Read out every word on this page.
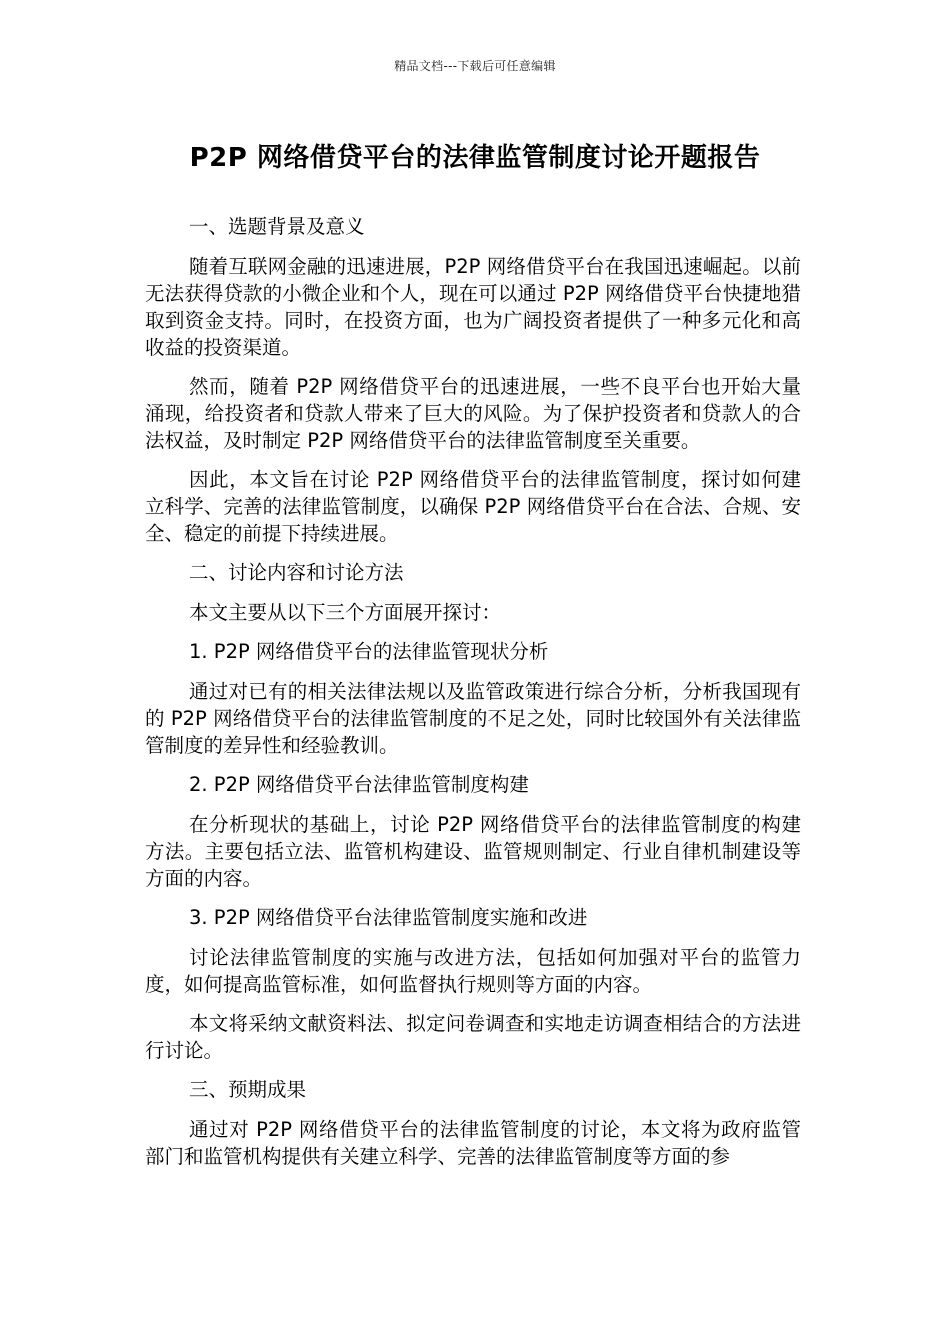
精品文档---下载后可任意编辑
P2P 网络借贷平台的法律监管制度讨论开题报告

一、选题背景及意义

随着互联网金融的迅速进展，P2P 网络借贷平台在我国迅速崛起。以前无法获得贷款的小微企业和个人，现在可以通过 P2P 网络借贷平台快捷地猎取到资金支持。同时，在投资方面，也为广阔投资者提供了一种多元化和高收益的投资渠道。

然而，随着 P2P 网络借贷平台的迅速进展，一些不良平台也开始大量涌现，给投资者和贷款人带来了巨大的风险。为了保护投资者和贷款人的合法权益，及时制定 P2P 网络借贷平台的法律监管制度至关重要。

因此，本文旨在讨论 P2P 网络借贷平台的法律监管制度，探讨如何建立科学、完善的法律监管制度，以确保 P2P 网络借贷平台在合法、合规、安全、稳定的前提下持续进展。

二、讨论内容和讨论方法

本文主要从以下三个方面展开探讨：

1. P2P 网络借贷平台的法律监管现状分析

通过对已有的相关法律法规以及监管政策进行综合分析，分析我国现有的 P2P 网络借贷平台的法律监管制度的不足之处，同时比较国外有关法律监管制度的差异性和经验教训。

2. P2P 网络借贷平台法律监管制度构建

在分析现状的基础上，讨论 P2P 网络借贷平台的法律监管制度的构建方法。主要包括立法、监管机构建设、监管规则制定、行业自律机制建设等方面的内容。

3. P2P 网络借贷平台法律监管制度实施和改进

讨论法律监管制度的实施与改进方法，包括如何加强对平台的监管力度，如何提高监管标准，如何监督执行规则等方面的内容。

本文将采纳文献资料法、拟定问卷调查和实地走访调查相结合的方法进行讨论。

三、预期成果

通过对 P2P 网络借贷平台的法律监管制度的讨论，本文将为政府监管部门和监管机构提供有关建立科学、完善的法律监管制度等方面的参
